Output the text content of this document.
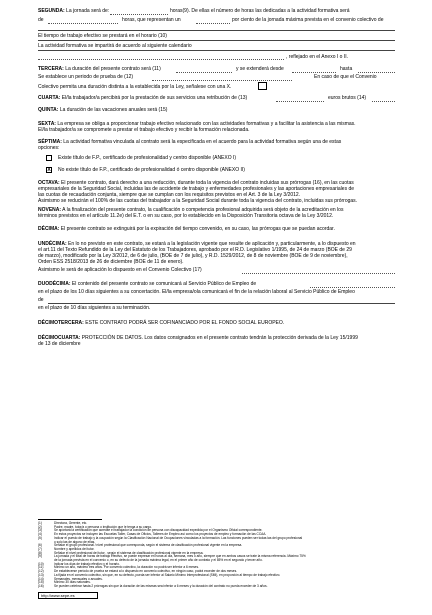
SEGUNDA: La jornada será de:	horas(9). De ellas el número de horas las dedicadas a la actividad formativa será
de	horas, que representan un	por ciento de la jornada máxima prevista en el convenio colectivo de
El tiempo de trabajo efectivo se prestará en el horario (10)
La actividad formativa se impartirá de acuerdo al siguiente calendario
, reflejado en el Anexo I o II.
TERCERA: La duración del presente contrato será (11)	y se extenderá desde	hasta
Se establece un periodo de prueba de (12)	En caso de que el Convenio
Colectivo permita una duración distinta a la establecida por la Ley, señalese con una X.
CUARTA: El/la trabajador/a percibirá por la prestación de sus servicios una retribución de (13)	euros brutos (14)
QUINTA: La duración de las vacaciones anuales será (15)
SEXTA: La empresa se obliga a proporcionar trabajo efectivo relacionado con las actividades formativas y a facilitar la asistencia a las mismas.
El/la trabajador/a se compromete a prestar el trabajo efectivo y recibir la formación relacionada.
SÉPTIMA: La actividad formativa vinculada al contrato será la especificada en el acuerdo para la actividad formativa según una de estas
opciones:
Existe título de F.P., certificado de profesionalidad y centro disponible (ANEXO I)
X No existe título de F.P., certificado de profesionalidad ó centro disponible (ANEXO II)
OCTAVA: El presente contrato, dará derecho a una reducción, durante toda la vigencia del contrato incluidas sus prórrogas (16), en las cuotas
empresariales de la Seguridad Social, incluidas las de accidente de trabajo y enfermedades profesionales y las aportaciones empresariales de
las cuotas de recaudación conjunta, siempre que se cumplan con los requisitos previstos en el Art. 3 de la Ley 3/2012.
Asimismo se reducirán el 100% de las cuotas del trabajador a la Seguridad Social durante toda la vigencia del contrato, incluidas sus prórrogas.
NOVENA: A la finalización del presente contrato, la cualificación o competencia profesional adquirida será objeto de la acreditación en los
términos previstos en el artículo 11.2e) del E.T. o en su caso, por lo establecido en la Disposición Transitoria octava de la Ley 3/2012.
DÉCIMA: El presente contrato se extinguirá por la expiración del tiempo convenido, en su caso, las prórrogas que se puedan acordar.
UNDÉCIMA: En lo no previsto en este contrato, se estará a la legislación vigente que resulte de aplicación y, particularmente, a lo dispuesto en
el art.11 del Texto Refundido de la Ley del Estatuto de los Trabajadores, aprobado por el R.D. Legislativo 1/1995, de 24 de marzo (BOE de 29
de marzo), modificado por la Ley 3/2012, de 6 de julio, (BOE de 7 de julio), y R.D. 1529/2012, de 8 de noviembre (BOE de 9 de noviembre),
Orden ESS 2518/2013 de 26 de diciembre (BOE de 11 de enero).
Asimismo le será de aplicación lo dispuesto en el Convenio Colectivo (17)
DUODÉCIMA: El contenido del presente contrato se comunicará al Servicio Público de Empleo de
en el plazo de los 10 días siguientes a su concertación. El/la empresa/ola comunicará el fin de la relación laboral al Servicio Público de Empleo
de
en el plazo de 10 días siguientes a su terminación.
DÉCIMOTERCERA: ESTE CONTRATO PODRÁ SER COFINANCIADO POR EL FONDO SOCIAL EUROPEO.
DÉCIMOCUARTA: PROTECCIÓN DE DATOS. Los datos consignados en el presente contrato tendrán la protección derivada de la Ley 15/1999
de 13 de diciembre
(1)	Directora, Gerente, etc.
(2)	Padre, madre, tutor/a o persona o institución que le tenga a su cargo.
(3)	Se aportará la certificación que acredite el trabajador la condición de persona con discapacidad expedida por el Organismo Oficial correspondiente.
(4)	En estos proyectos se incluyen las Escuelas Taller, Casas de Oficios, Talleres de Empleo así como los proyectos de empleo y formación de las CCAA.
(5)	Indicar el puesto de trabajo y la ocupación según la Clasificación Nacional de Ocupaciones vinculadas a la formación. Las funciones pueden ser todas las del grupo profesional
o solo las de alguno de ellas.
(6)	Señalar el grupo profesional / nivel profesional que corresponda, según el sistema de clasificación profesional vigente en la empresa.
(7)	Nombre y apellidos del tutor.
(8)	Señalar el nivel profesional del tutor , según el sistema de clasificación profesional vigente en la empresa.
(9)	La jornada y el total de horas de trabajo efectivo, se puede expresar en horas al día, semana, mes o año, siempre que en ambos casos se trate la misma referencia. Máximo 75%
de la jornada prevista en el convenio o, en su defecto de la jornada máxima legal, en el primer año de contrato y el 85% en el segundo y tercer año.
(10)	Indicar los días de trabajo efectivo y el horario.
(11)	Mínimo un año, máximo tres años. Por convenio colectivo, la duración no podrá ser inferior a 6 meses.
(12)	De establecerse período de prueba se estará a lo dispuesto en convenio colectivo, en ningún caso, podrá exceder de dos meses.
(13)	La fijada en el convenio colectivo, sin que, en su defecto, pueda ser inferior al Salario Mínimo Interprofesional (SMI), en proporción al tiempo de trabajo efectivo.
(14)	Semanales, mensuales o anuales.
(15)	Mínimo 30 días naturales.
(16)	Se pueden celebrar hasta 2 prórrogas sin que la duración de las mismas sea inferior a 6 meses y la duración del contrato no pueda exceder de 3 años.
http://www.sepe.es
